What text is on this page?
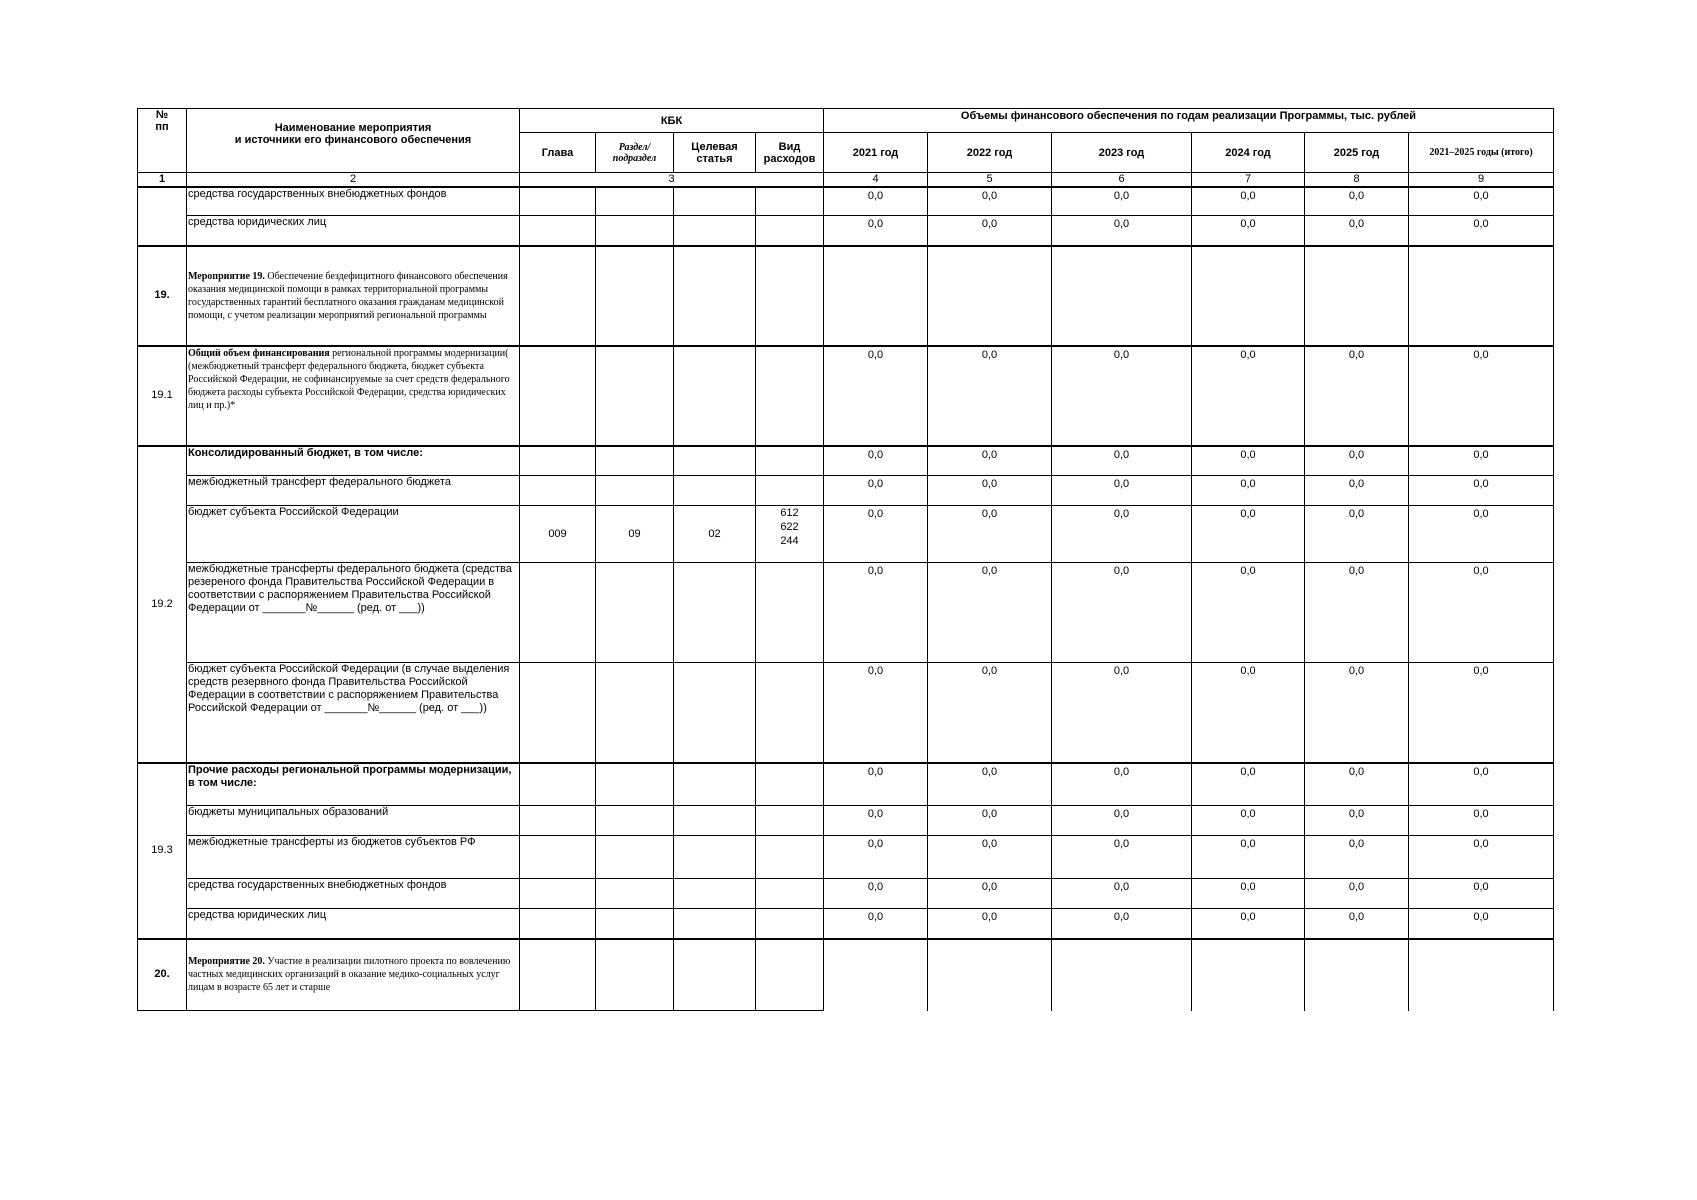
№
пп	Наименование мероприятия
и источники его финансового обеспечения	КБК				Объемы финансового обеспечения по годам реализации Программы, тыс. рублей					
		Глава	Раздел/
подраздел	Целевая
статья	Вид
расходов	2021 год	2022 год	2023 год	2024 год	2025 год	2021–2025 годы (итого)
1	2	3				4	5	6	7	8	9
	средства государственных внебюджетных фондов					0,0	0,0	0,0	0,0	0,0	0,0
	средства юридических лиц					0,0	0,0	0,0	0,0	0,0	0,0
19.	Мероприятие 19. Обеспечение бездефицитного финансового обеспечения оказания медицинской помощи в рамках территориальной программы государственных гарантий бесплатного оказания гражданам медицинской помощи, с учетом реализации мероприятий региональной программы										
19.1	Общий объем финансирования региональной программы модернизации( (межбюджетный трансферт федерального бюджета, бюджет субъекта Российской Федерации, не софинансируемые за счет средств федерального бюджета расходы субъекта Российской Федерации, средства юридических лиц и пр.)*					0,0	0,0	0,0	0,0	0,0	0,0
19.2	Консолидированный бюджет, в том числе:					0,0	0,0	0,0	0,0	0,0	0,0
	межбюджетный трансферт федерального бюджета					0,0	0,0	0,0	0,0	0,0	0,0
	бюджет субъекта Российской Федерации	009	09	02	612
622
244	0,0	0,0	0,0	0,0	0,0	0,0
	межбюджетные трансферты федерального бюджета (средства резереного фонда Правительства Российской Федерации в соответствии с распоряжением Правительства Российской Федерации от _______№______ (ред. от ___))					0,0	0,0	0,0	0,0	0,0	0,0
	бюджет субъекта Российской Федерации (в случае выделения средств резервного фонда Правительства Российской Федерации в соответствии с распоряжением Правительства Российской Федерации от _______№______ (ред. от ___))					0,0	0,0	0,0	0,0	0,0	0,0
19.3	Прочие расходы региональной программы модернизации, в том числе:					0,0	0,0	0,0	0,0	0,0	0,0
	бюджеты муниципальных образований					0,0	0,0	0,0	0,0	0,0	0,0
	межбюджетные трансферты из бюджетов субъектов РФ					0,0	0,0	0,0	0,0	0,0	0,0
	средства государственных внебюджетных фондов					0,0	0,0	0,0	0,0	0,0	0,0
	средства юридических лиц					0,0	0,0	0,0	0,0	0,0	0,0
20.	Мероприятие 20. Участие в реализации пилотного проекта по вовлечению частных медицинских организаций в оказание медико-социальных услуг лицам в возрасте 65 лет и старше										
